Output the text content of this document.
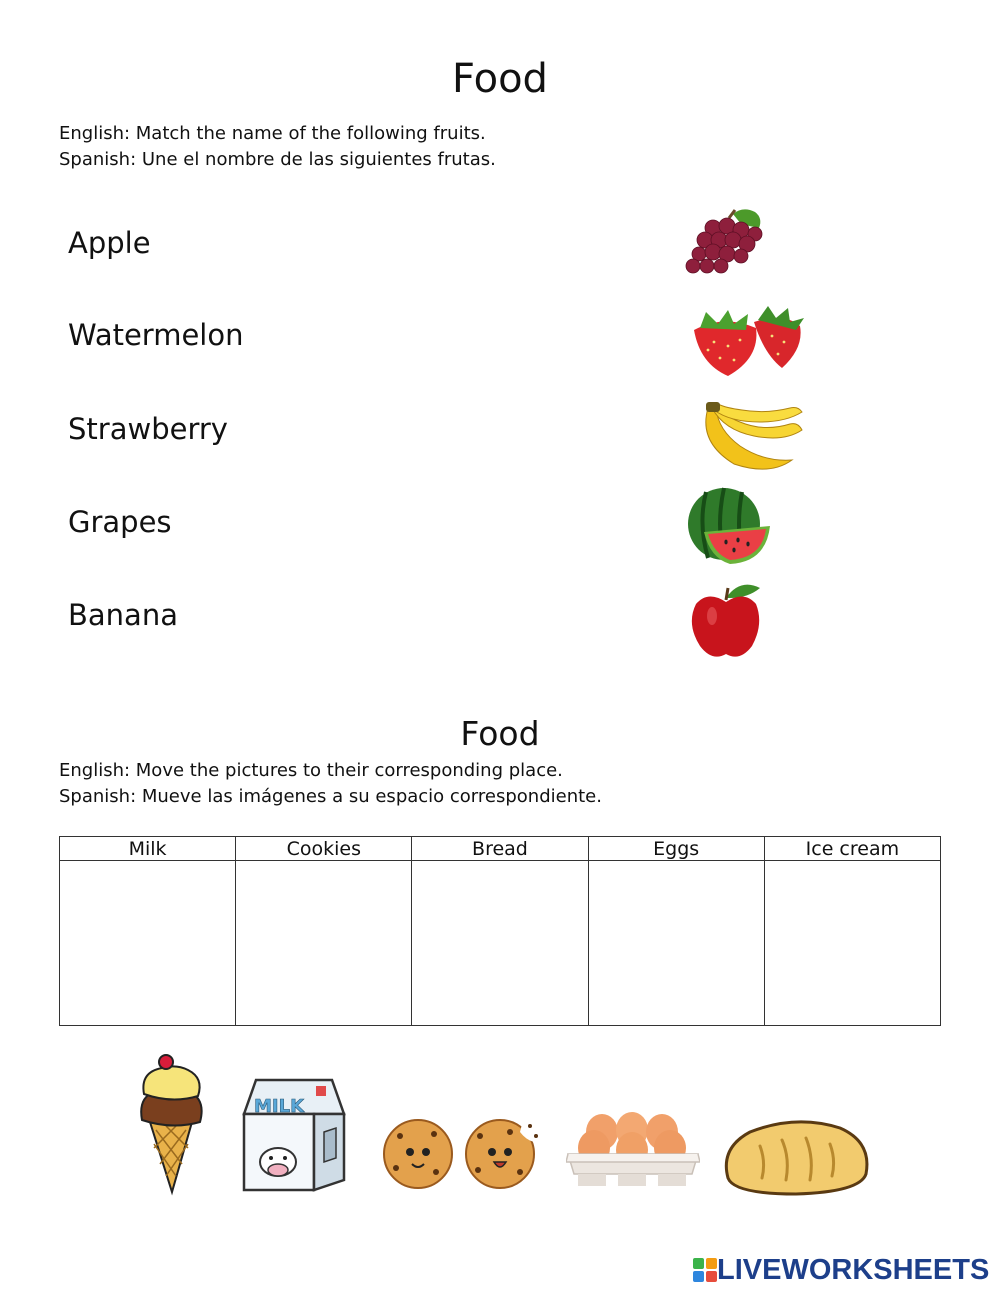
Food
English: Match the name of the following fruits.
Spanish: Une el nombre de las siguientes frutas.
Apple
Watermelon
Strawberry
Grapes
Banana
Food
English: Move the pictures to their corresponding place.
Spanish: Mueve las imágenes a su espacio correspondiente.
Milk	Cookies	Bread	Eggs	Ice cream

MILK
LIVEWORKSHEETS
